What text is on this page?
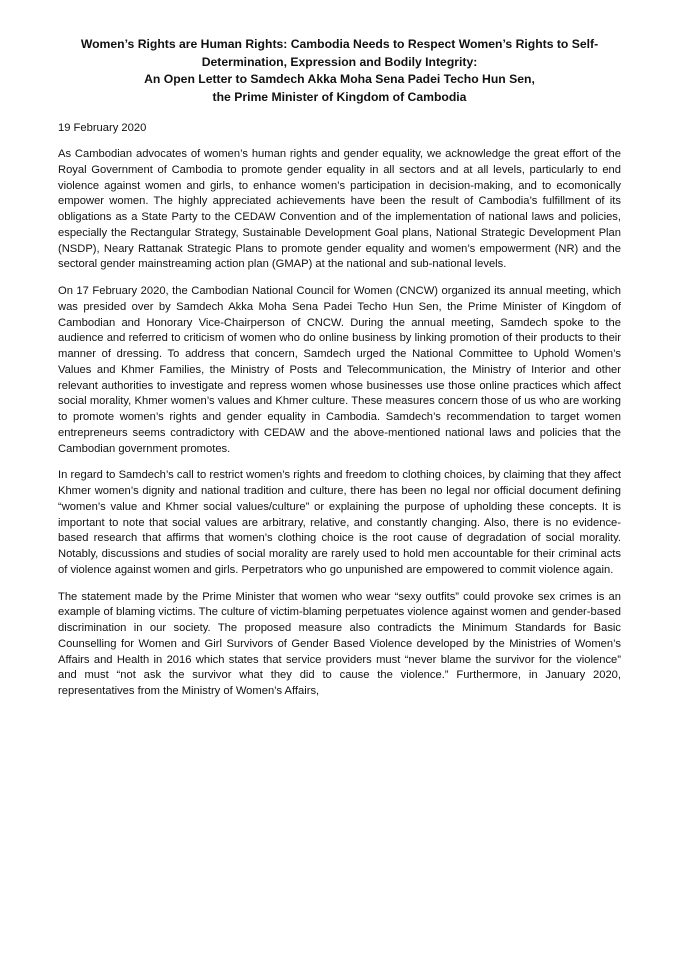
Women’s Rights are Human Rights: Cambodia Needs to Respect Women’s Rights to Self-Determination, Expression and Bodily Integrity:
An Open Letter to Samdech Akka Moha Sena Padei Techo Hun Sen,
the Prime Minister of Kingdom of Cambodia
19 February 2020

As Cambodian advocates of women’s human rights and gender equality, we acknowledge the great effort of the Royal Government of Cambodia to promote gender equality in all sectors and at all levels, particularly to end violence against women and girls, to enhance women’s participation in decision-making, and to ecomonically empower women. The highly appreciated achievements have been the result of Cambodia’s fulfillment of its obligations as a State Party to the CEDAW Convention and of the implementation of national laws and policies, especially the Rectangular Strategy, Sustainable Development Goal plans, National Strategic Development Plan (NSDP), Neary Rattanak Strategic Plans to promote gender equality and women’s empowerment (NR) and the sectoral gender mainstreaming action plan (GMAP) at the national and sub-national levels.

On 17 February 2020, the Cambodian National Council for Women (CNCW) organized its annual meeting, which was presided over by Samdech Akka Moha Sena Padei Techo Hun Sen, the Prime Minister of Kingdom of Cambodian and Honorary Vice-Chairperson of CNCW. During the annual meeting, Samdech spoke to the audience and referred to criticism of women who do online business by linking promotion of their products to their manner of dressing. To address that concern, Samdech urged the National Committee to Uphold Women’s Values and Khmer Families, the Ministry of Posts and Telecommunication, the Ministry of Interior and other relevant authorities to investigate and repress women whose businesses use those online practices which affect social morality, Khmer women’s values and Khmer culture. These measures concern those of us who are working to promote women’s rights and gender equality in Cambodia. Samdech’s recommendation to target women entrepreneurs seems contradictory with CEDAW and the above-mentioned national laws and policies that the Cambodian government promotes.

In regard to Samdech’s call to restrict women’s rights and freedom to clothing choices, by claiming that they affect Khmer women’s dignity and national tradition and culture, there has been no legal nor official document defining “women’s value and Khmer social values/culture” or explaining the purpose of upholding these concepts. It is important to note that social values are arbitrary, relative, and constantly changing. Also, there is no evidence-based research that affirms that women’s clothing choice is the root cause of degradation of social morality. Notably, discussions and studies of social morality are rarely used to hold men accountable for their criminal acts of violence against women and girls. Perpetrators who go unpunished are empowered to commit violence again.

The statement made by the Prime Minister that women who wear “sexy outfits” could provoke sex crimes is an example of blaming victims. The culture of victim-blaming perpetuates violence against women and gender-based discrimination in our society. The proposed measure also contradicts the Minimum Standards for Basic Counselling for Women and Girl Survivors of Gender Based Violence developed by the Ministries of Women’s Affairs and Health in 2016 which states that service providers must “never blame the survivor for the violence” and must “not ask the survivor what they did to cause the violence.” Furthermore, in January 2020, representatives from the Ministry of Women’s Affairs,
